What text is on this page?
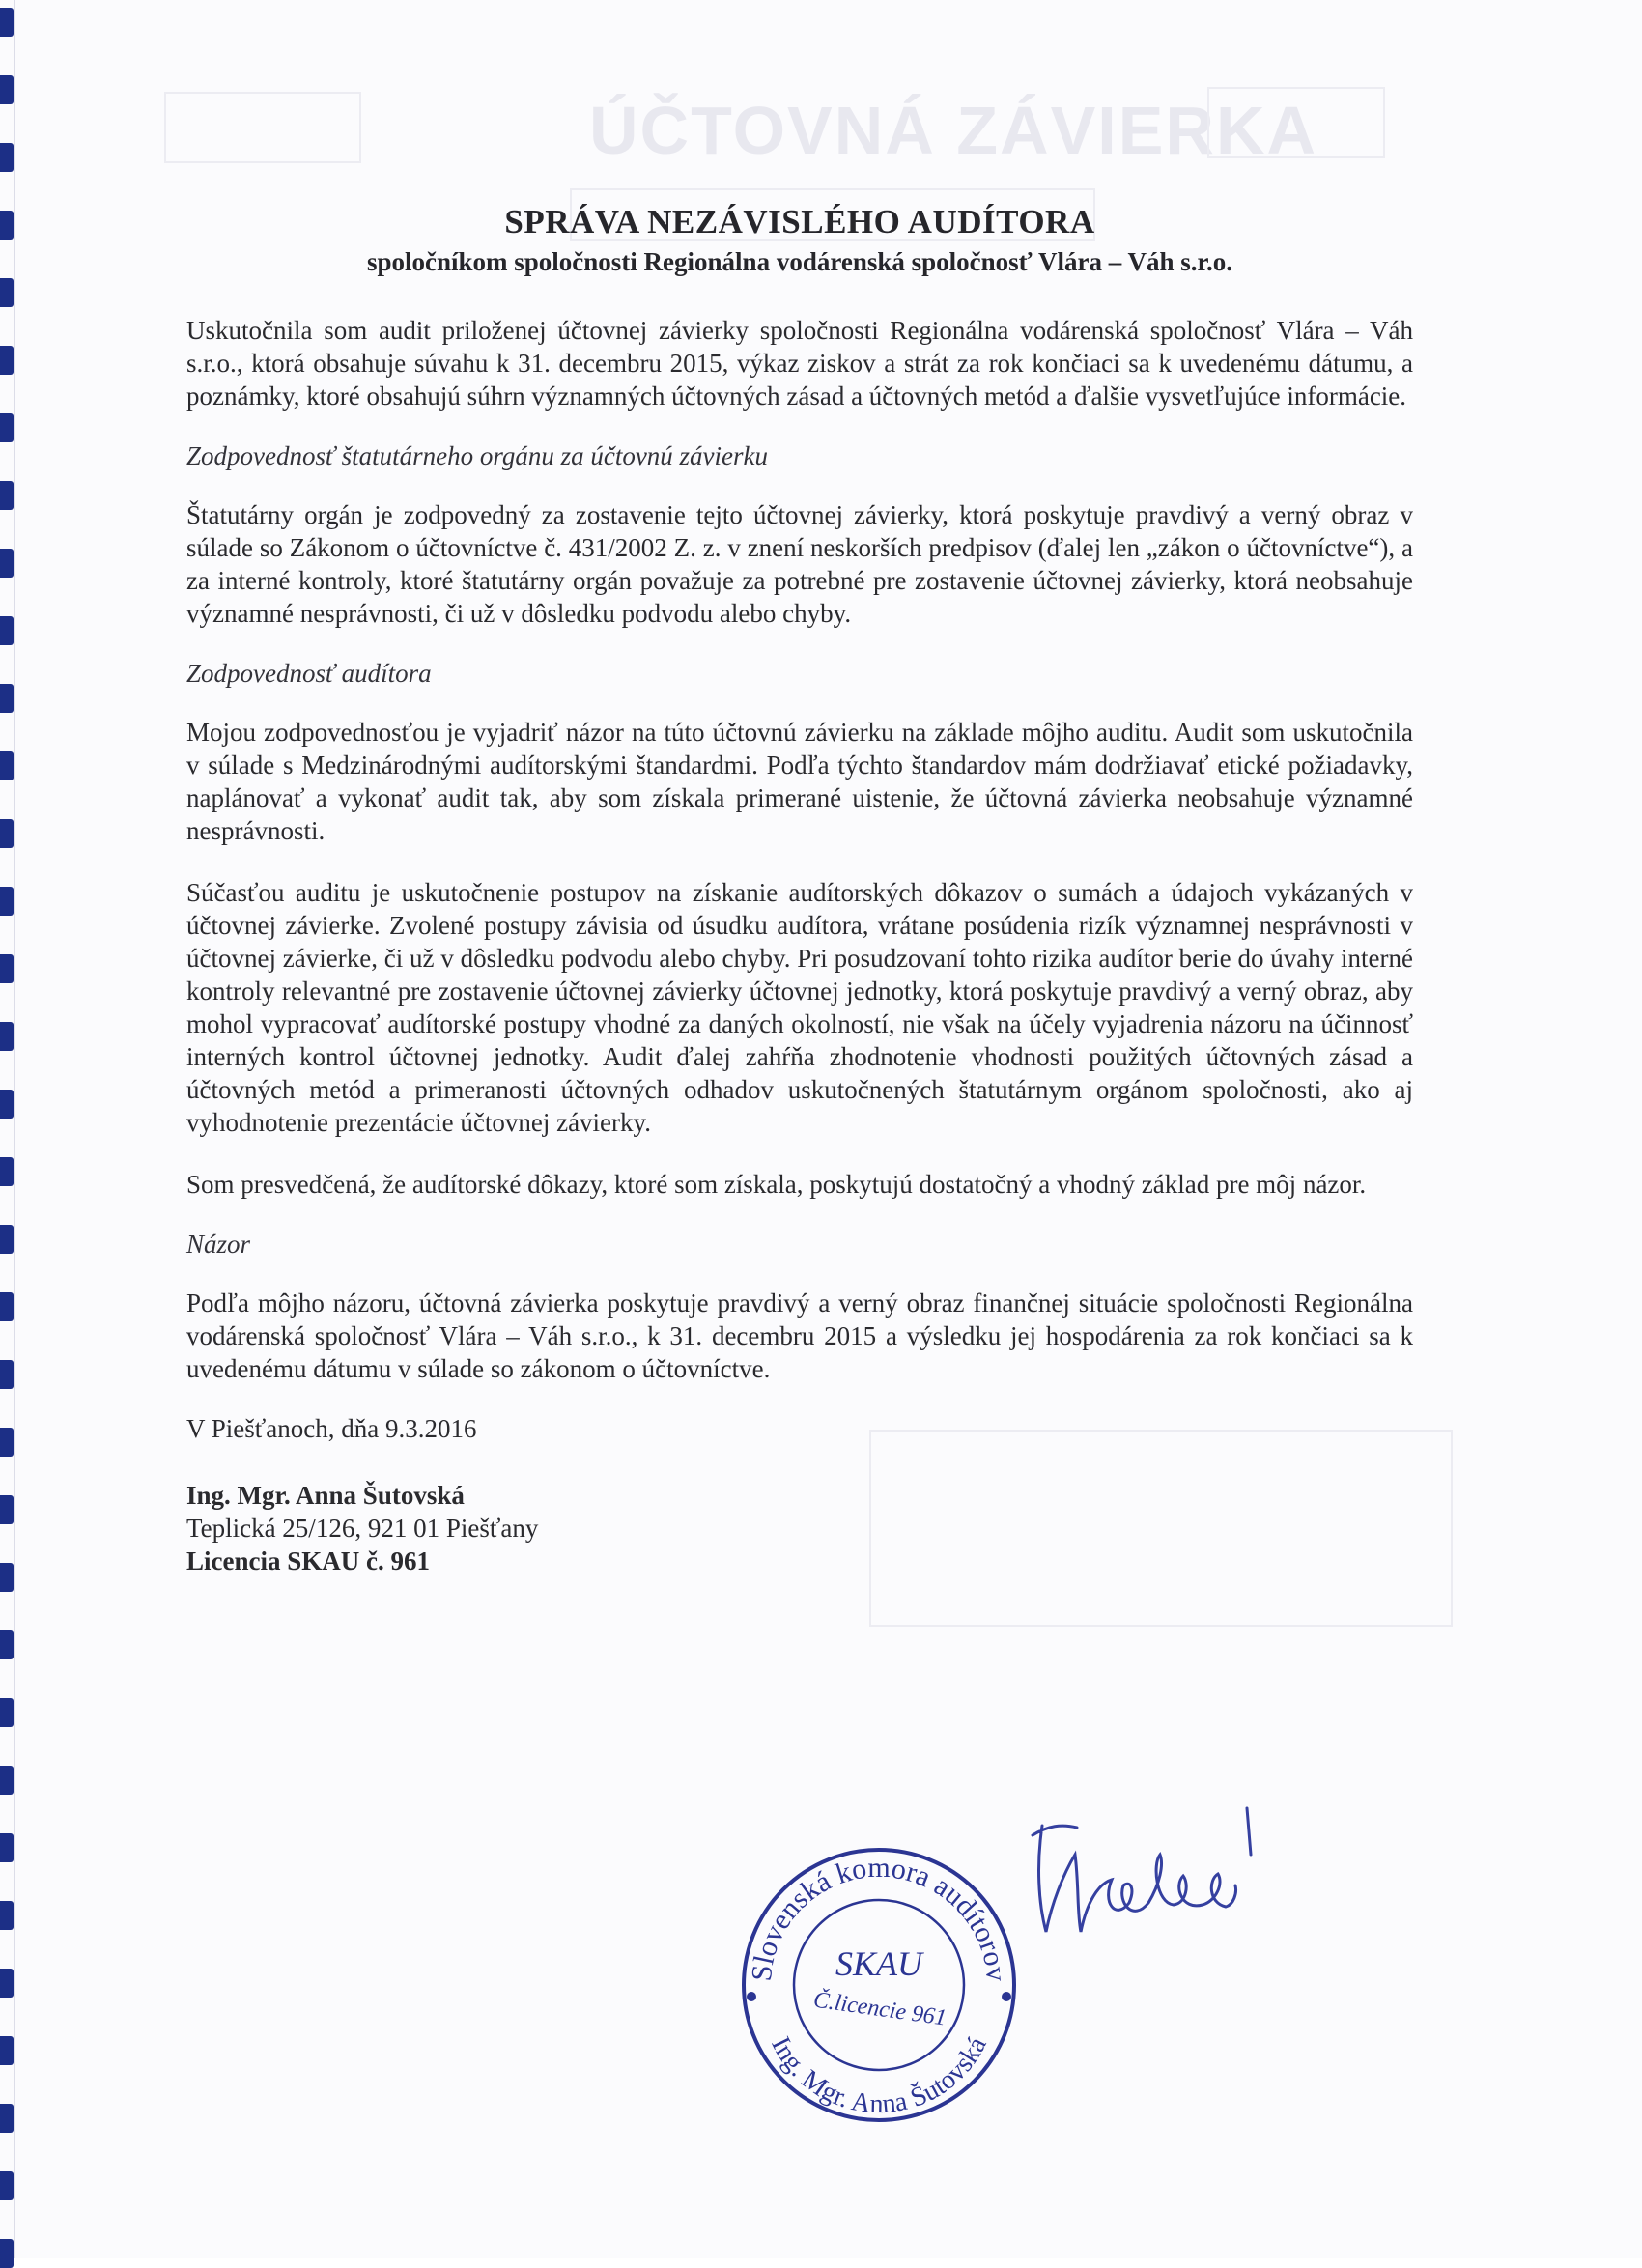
ÚČTOVNÁ ZÁVIERKA
SPRÁVA NEZÁVISLÉHO AUDÍTORA
spoločníkom spoločnosti Regionálna vodárenská spoločnosť Vlára – Váh s.r.o.

Uskutočnila som audit priloženej účtovnej závierky spoločnosti Regionálna vodárenská spoločnosť Vlára – Váh s.r.o., ktorá obsahuje súvahu k 31. decembru 2015, výkaz ziskov a strát za rok končiaci sa k uvedenému dátumu, a poznámky, ktoré obsahujú súhrn významných účtovných zásad a účtovných metód a ďalšie vysvetľujúce informácie.

Zodpovednosť štatutárneho orgánu za účtovnú závierku

Štatutárny orgán je zodpovedný za zostavenie tejto účtovnej závierky, ktorá poskytuje pravdivý a verný obraz v súlade so Zákonom o účtovníctve č. 431/2002 Z. z. v znení neskorších predpisov (ďalej len „zákon o účtovníctve“), a za interné kontroly, ktoré štatutárny orgán považuje za potrebné pre zostavenie účtovnej závierky, ktorá neobsahuje významné nesprávnosti, či už v dôsledku podvodu alebo chyby.

Zodpovednosť audítora

Mojou zodpovednosťou je vyjadriť názor na túto účtovnú závierku na základe môjho auditu. Audit som uskutočnila v súlade s Medzinárodnými audítorskými štandardmi. Podľa týchto štandardov mám dodržiavať etické požiadavky, naplánovať a vykonať audit tak, aby som získala primerané uistenie, že účtovná závierka neobsahuje významné nesprávnosti.

Súčasťou auditu je uskutočnenie postupov na získanie audítorských dôkazov o sumách a údajoch vykázaných v účtovnej závierke. Zvolené postupy závisia od úsudku audítora, vrátane posúdenia rizík významnej nesprávnosti v účtovnej závierke, či už v dôsledku podvodu alebo chyby. Pri posudzovaní tohto rizika audítor berie do úvahy interné kontroly relevantné pre zostavenie účtovnej závierky účtovnej jednotky, ktorá poskytuje pravdivý a verný obraz, aby mohol vypracovať audítorské postupy vhodné za daných okolností, nie však na účely vyjadrenia názoru na účinnosť interných kontrol účtovnej jednotky. Audit ďalej zahŕňa zhodnotenie vhodnosti použitých účtovných zásad a účtovných metód a primeranosti účtovných odhadov uskutočnených štatutárnym orgánom spoločnosti, ako aj vyhodnotenie prezentácie účtovnej závierky.

Som presvedčená, že audítorské dôkazy, ktoré som získala, poskytujú dostatočný a vhodný základ pre môj názor.

Názor

Podľa môjho názoru, účtovná závierka poskytuje pravdivý a verný obraz finančnej situácie spoločnosti Regionálna vodárenská spoločnosť Vlára – Váh s.r.o., k 31. decembru 2015 a výsledku jej hospodárenia za rok končiaci sa k uvedenému dátumu v súlade so zákonom o účtovníctve.

V Piešťanoch, dňa 9.3.2016
Ing. Mgr. Anna Šutovská
Teplická 25/126, 921 01 Piešťany
Licencia SKAU č. 961
Slovenská komora audítorov
Ing. Mgr. Anna Šutovská
SKAU
Č.licencie 961
